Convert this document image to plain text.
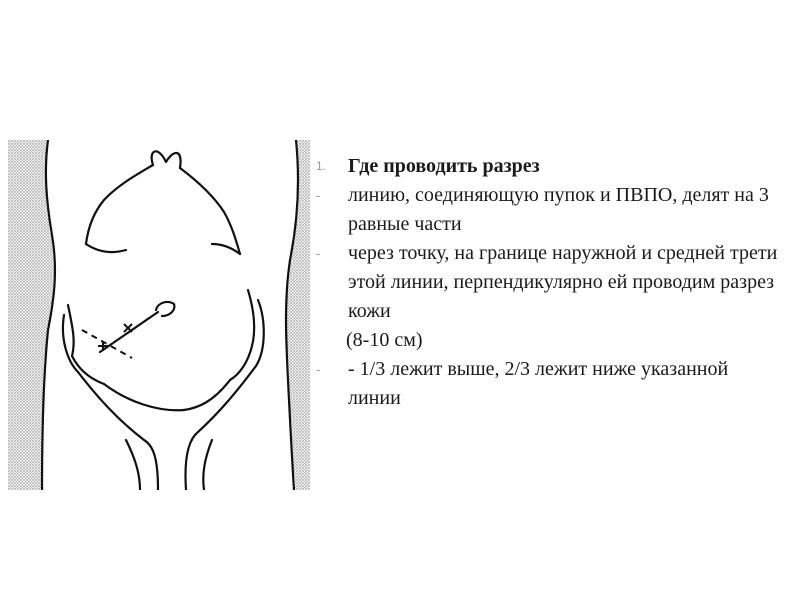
1.	Где проводить разрез
-	линию, соединяющую пупок и ПВПО, делят на 3 равные части
-	через точку, на границе наружной и средней трети этой линии, перпендикулярно ей проводим разрез кожи
(8-10 см)
-	- 1/3 лежит выше, 2/3 лежит ниже указанной линии
